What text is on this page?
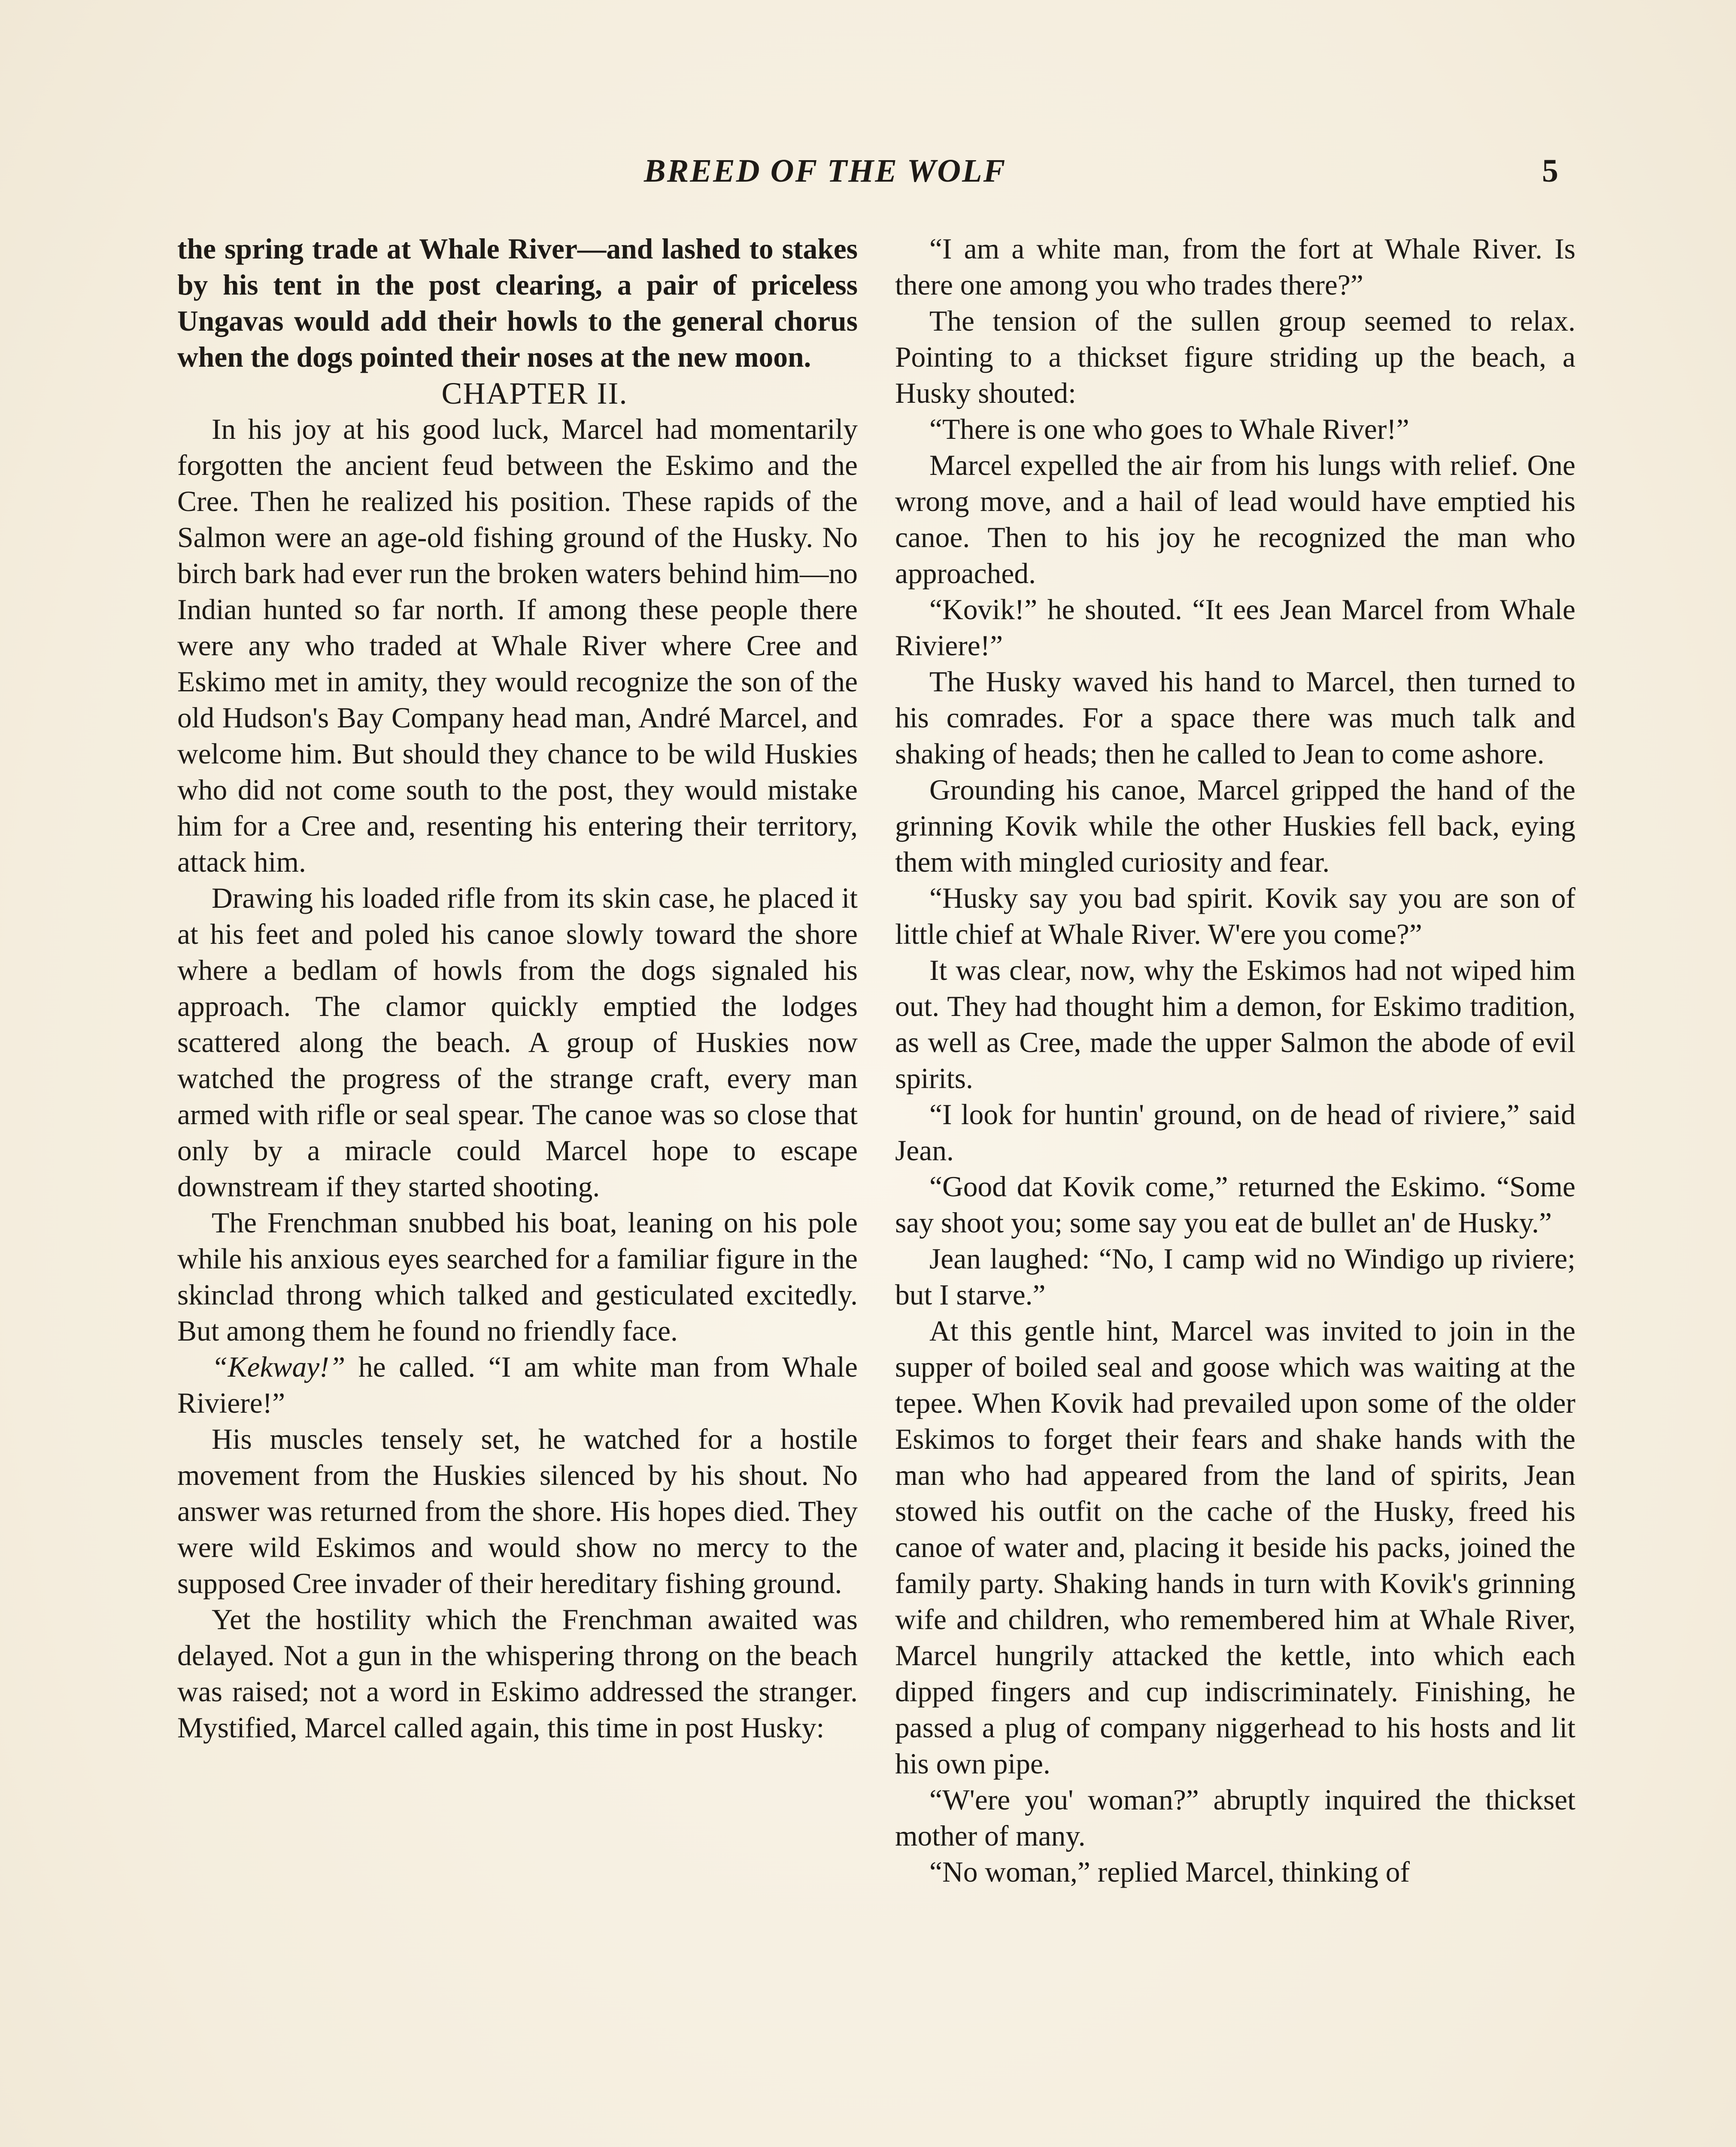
BREED OF THE WOLF	5

the spring trade at Whale River—and lashed to stakes by his tent in the post clearing, a pair of priceless Ungavas would add their howls to the general chorus when the dogs pointed their noses at the new moon.

CHAPTER II.

In his joy at his good luck, Marcel had momentarily forgotten the ancient feud between the Eskimo and the Cree. Then he realized his position. These rapids of the Salmon were an age-old fishing ground of the Husky. No birch bark had ever run the broken waters behind him—no Indian hunted so far north. If among these people there were any who traded at Whale River where Cree and Eskimo met in amity, they would recognize the son of the old Hudson's Bay Company head man, André Marcel, and welcome him. But should they chance to be wild Huskies who did not come south to the post, they would mistake him for a Cree and, resenting his entering their territory, attack him.

Drawing his loaded rifle from its skin case, he placed it at his feet and poled his canoe slowly toward the shore where a bedlam of howls from the dogs signaled his approach. The clamor quickly emptied the lodges scattered along the beach. A group of Huskies now watched the progress of the strange craft, every man armed with rifle or seal spear. The canoe was so close that only by a miracle could Marcel hope to escape downstream if they started shooting.

The Frenchman snubbed his boat, leaning on his pole while his anxious eyes searched for a familiar figure in the skinclad throng which talked and gesticulated excitedly. But among them he found no friendly face.

“Kekway!” he called. “I am white man from Whale Riviere!”

His muscles tensely set, he watched for a hostile movement from the Huskies silenced by his shout. No answer was returned from the shore. His hopes died. They were wild Eskimos and would show no mercy to the supposed Cree invader of their hereditary fishing ground.

Yet the hostility which the Frenchman awaited was delayed. Not a gun in the whispering throng on the beach was raised; not a word in Eskimo addressed the stranger. Mystified, Marcel called again, this time in post Husky:

“I am a white man, from the fort at Whale River. Is there one among you who trades there?”

The tension of the sullen group seemed to relax. Pointing to a thickset figure striding up the beach, a Husky shouted:

“There is one who goes to Whale River!”

Marcel expelled the air from his lungs with relief. One wrong move, and a hail of lead would have emptied his canoe. Then to his joy he recognized the man who approached.

“Kovik!” he shouted. “It ees Jean Marcel from Whale Riviere!”

The Husky waved his hand to Marcel, then turned to his comrades. For a space there was much talk and shaking of heads; then he called to Jean to come ashore.

Grounding his canoe, Marcel gripped the hand of the grinning Kovik while the other Huskies fell back, eying them with mingled curiosity and fear.

“Husky say you bad spirit. Kovik say you are son of little chief at Whale River. W'ere you come?”

It was clear, now, why the Eskimos had not wiped him out. They had thought him a demon, for Eskimo tradition, as well as Cree, made the upper Salmon the abode of evil spirits.

“I look for huntin' ground, on de head of riviere,” said Jean.

“Good dat Kovik come,” returned the Eskimo. “Some say shoot you; some say you eat de bullet an' de Husky.”

Jean laughed: “No, I camp wid no Windigo up riviere; but I starve.”

At this gentle hint, Marcel was invited to join in the supper of boiled seal and goose which was waiting at the tepee. When Kovik had prevailed upon some of the older Eskimos to forget their fears and shake hands with the man who had appeared from the land of spirits, Jean stowed his outfit on the cache of the Husky, freed his canoe of water and, placing it beside his packs, joined the family party. Shaking hands in turn with Kovik's grinning wife and children, who remembered him at Whale River, Marcel hungrily attacked the kettle, into which each dipped fingers and cup indiscriminately. Finishing, he passed a plug of company niggerhead to his hosts and lit his own pipe.

“W'ere you' woman?” abruptly inquired the thickset mother of many.

“No woman,” replied Marcel, thinking of
